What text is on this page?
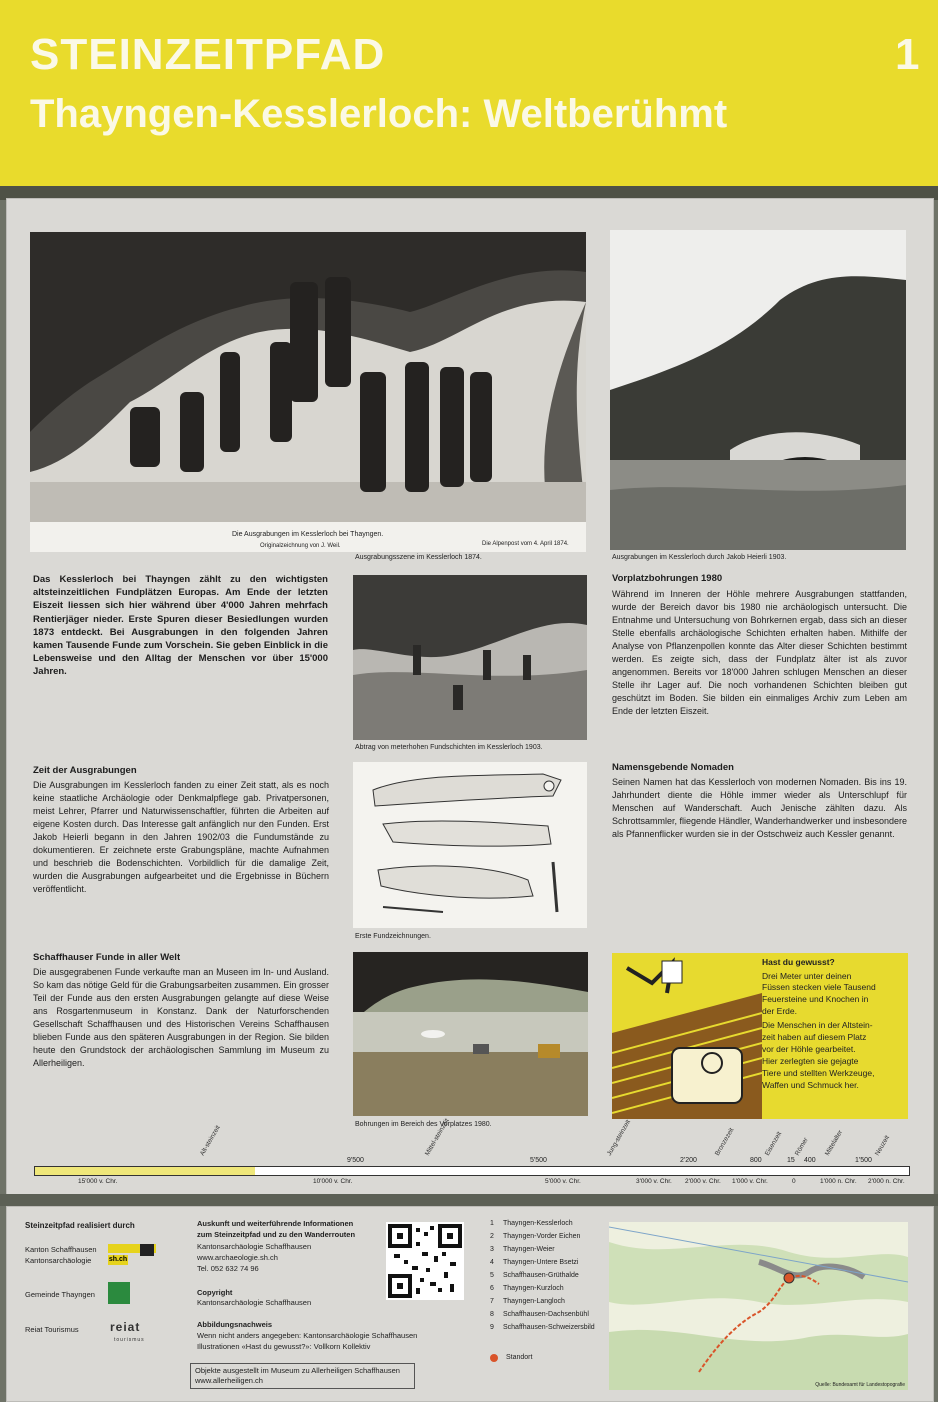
STEINZEITPFAD	1
Thayngen-Kesslerloch: Weltberühmt
Die Ausgrabungen im Kesslerloch bei Thayngen.
Originalzeichnung von J. Weil.	Die Alpenpost vom 4. April 1874.
Ausgrabungsszene im Kesslerloch 1874.	Ausgrabungen im Kesslerloch durch Jakob Heierli 1903.
Das Kesslerloch bei Thayngen zählt zu den wichtigsten altsteinzeitlichen Fundplätzen Europas. Am Ende der letzten Eiszeit liessen sich hier während über 4'000 Jahren mehrfach Rentierjäger nieder. Erste Spuren dieser Besiedlungen wurden 1873 entdeckt. Bei Ausgrabungen in den folgenden Jahren kamen Tausende Funde zum Vorschein. Sie geben Einblick in die Lebensweise und den Alltag der Menschen vor über 15'000 Jahren.
Abtrag von meterhohen Fundschichten im Kesslerloch 1903.
Vorplatzbohrungen 1980
Während im Inneren der Höhle mehrere Ausgrabungen stattfanden, wurde der Bereich davor bis 1980 nie archäologisch untersucht. Die Entnahme und Untersuchung von Bohrkernen ergab, dass sich an dieser Stelle ebenfalls archäologische Schichten erhalten haben. Mithilfe der Analyse von Pflanzenpollen konnte das Alter dieser Schichten bestimmt werden. Es zeigte sich, dass der Fundplatz älter ist als zuvor angenommen. Bereits vor 18'000 Jahren schlugen Menschen an dieser Stelle ihr Lager auf. Die noch vorhandenen Schichten bleiben gut geschützt im Boden. Sie bilden ein einmaliges Archiv zum Leben am Ende der letzten Eiszeit.
Zeit der Ausgrabungen
Die Ausgrabungen im Kesslerloch fanden zu einer Zeit statt, als es noch keine staatliche Archäologie oder Denkmalpflege gab. Privatpersonen, meist Lehrer, Pfarrer und Naturwissenschaftler, führten die Arbeiten auf eigene Kosten durch. Das Interesse galt anfänglich nur den Funden. Erst Jakob Heierli begann in den Jahren 1902/03 die Fundumstände zu dokumentieren. Er zeichnete erste Grabungspläne, machte Aufnahmen und beschrieb die Bodenschichten. Vorbildlich für die damalige Zeit, wurden die Ausgrabungen aufgearbeitet und die Ergebnisse in Büchern veröffentlicht.
Erste Fundzeichnungen.
Namensgebende Nomaden
Seinen Namen hat das Kesslerloch von modernen Nomaden. Bis ins 19. Jahrhundert diente die Höhle immer wieder als Unterschlupf für Menschen auf Wanderschaft. Auch Jenische zählten dazu. Als Schrottsammler, fliegende Händler, Wanderhandwerker und insbesondere als Pfannenflicker wurden sie in der Ostschweiz auch Kessler genannt.
Schaffhauser Funde in aller Welt
Die ausgegrabenen Funde verkaufte man an Museen im In- und Ausland. So kam das nötige Geld für die Grabungsarbeiten zusammen. Ein grosser Teil der Funde aus den ersten Ausgrabungen gelangte auf diese Weise ans Rosgartenmuseum in Konstanz. Dank der Naturforschenden Gesellschaft Schaffhausen und des Historischen Vereins Schaffhausen blieben Funde aus den späteren Ausgrabungen in der Region. Sie bilden heute den Grundstock der archäologischen Sammlung im Museum zu Allerheiligen.
Bohrungen im Bereich des Vorplatzes 1980.
Hast du gewusst?
Drei Meter unter deinen
Füssen stecken viele Tausend
Feuersteine und Knochen in
der Erde.
Die Menschen in der Altstein-
zeit haben auf diesem Platz
vor der Höhle gearbeitet.
Hier zerlegten sie gejagte
Tiere und stellten Werkzeuge,
Waffen und Schmuck her.
Alt-steinzeit	Mittel-steinzeit	Jung-steinzeit	Bronzezeit	Eisenzeit Römer Mittelalter	Neuzeit
9'500	5'500	2'200	800	15 400	1'500
15'000 v. Chr.	10'000 v. Chr.	5'000 v. Chr.	3'000 v. Chr. 2'000 v. Chr. 1'000 v. Chr.	0	1'000 n. Chr. 2'000 n. Chr.
Steinzeitpfad realisiert durch
Kanton Schaffhausen
Kantonsarchäologie	sh.ch
Gemeinde Thayngen
Reiat Tourismus	reiat
tourismus
Auskunft und weiterführende Informationen
zum Steinzeitpfad und zu den Wanderrouten
Kantonsarchäologie Schaffhausen
www.archaeologie.sh.ch
Tel. 052 632 74 96
Copyright
Kantonsarchäologie Schaffhausen
Abbildungsnachweis
Wenn nicht anders angegeben: Kantonsarchäologie Schaffhausen
Illustrationen «Hast du gewusst?»: Vollkorn Kollektiv
Objekte ausgestellt im Museum zu Allerheiligen Schaffhausen
www.allerheiligen.ch
1 Thayngen-Kesslerloch
2 Thayngen-Vorder Eichen
3 Thayngen-Weier
4 Thayngen-Untere Bsetzi
5 Schaffhausen-Grüthalde
6 Thayngen-Kurzloch
7 Thayngen-Langloch
8 Schaffhausen-Dachsenbühl
9 Schaffhausen-Schweizersbild
Standort
Quelle: Bundesamt für Landestopografie
